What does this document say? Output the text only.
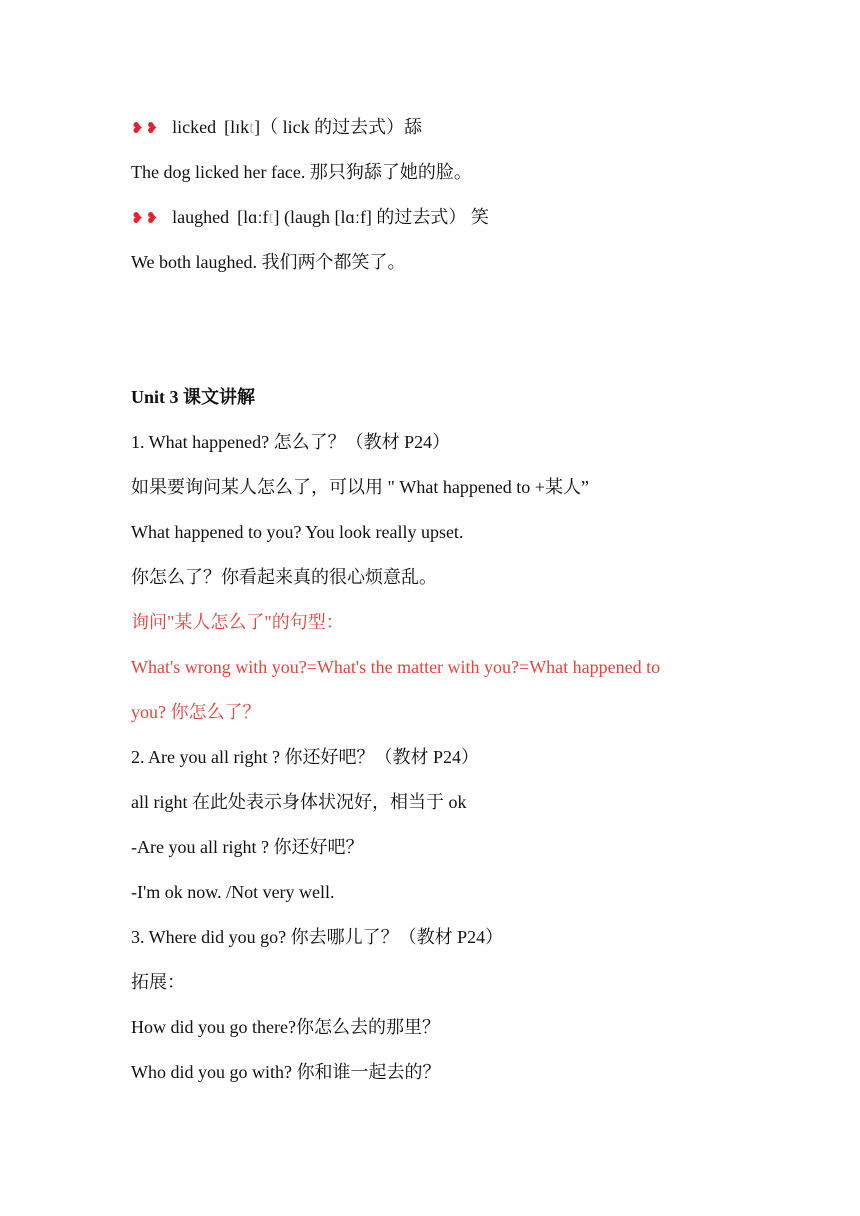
❥❥ licked [lɪkt]（ lick 的过去式）舔
The dog licked her face. 那只狗舔了她的脸。
❥❥ laughed [lɑːft] (laugh [lɑːf] 的过去式） 笑
We both laughed. 我们两个都笑了。
Unit 3 课文讲解
1. What happened? 怎么了？（教材 P24）
如果要询问某人怎么了，可以用 " What happened to +某人”
What happened to you? You look really upset.
你怎么了？你看起来真的很心烦意乱。
询问"某人怎么了"的句型：
What's wrong with you?=What's the matter with you?=What happened to
you? 你怎么了？
2. Are you all right ? 你还好吧？（教材 P24）
all right 在此处表示身体状况好，相当于 ok
-Are you all right ? 你还好吧？
-I'm ok now. /Not very well.
3. Where did you go? 你去哪儿了？（教材 P24）
拓展：
How did you go there?你怎么去的那里？
Who did you go with? 你和谁一起去的？
